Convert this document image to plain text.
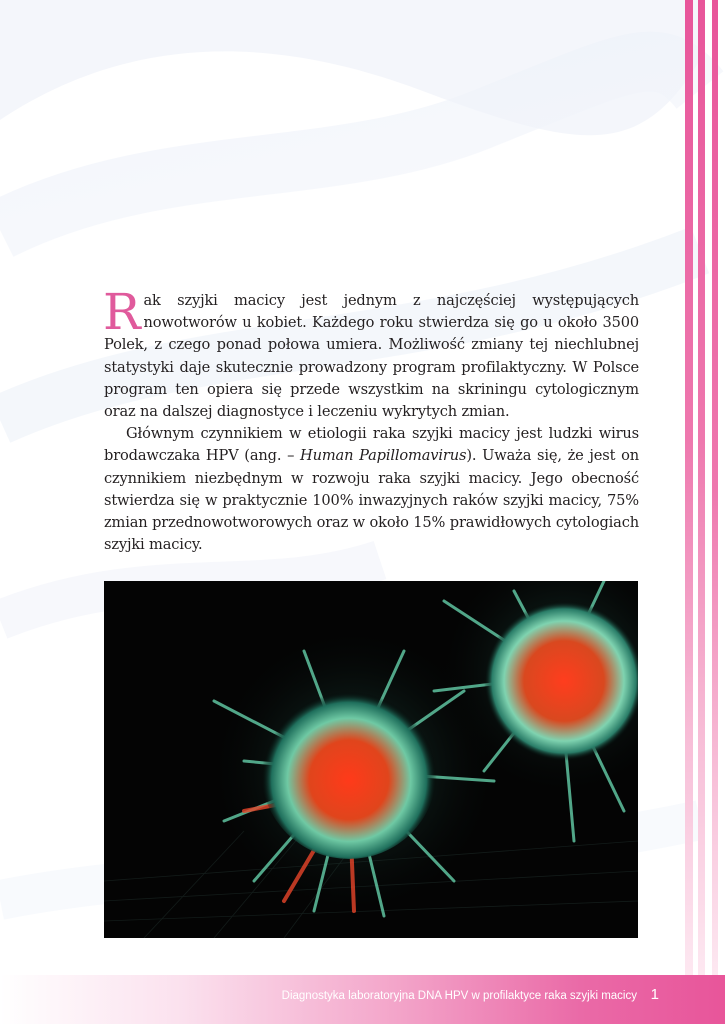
Rak szyjki macicy jest jednym z najczęściej występujących nowotworów u kobiet. Każdego roku stwierdza się go u około 3500 Polek, z czego ponad połowa umiera. Możliwość zmiany tej niechlubnej statystyki daje skutecznie prowadzony program profilaktyczny. W Polsce program ten opiera się przede wszystkim na skriningu cytologicznym oraz na dalszej diagnostyce i leczeniu wykrytych zmian.

Głównym czynnikiem w etiologii raka szyjki macicy jest ludzki wirus brodawczaka HPV (ang. – Human Papillomavirus). Uważa się, że jest on czynnikiem niezbędnym w rozwoju raka szyjki macicy. Jego obecność stwierdza się w praktycznie 100% inwazyjnych raków szyjki macicy, 75% zmian przednowotworowych oraz w około 15% prawidłowych cytologiach szyjki macicy.

Diagnostyka laboratoryjna DNA HPV w profilaktyce raka szyjki macicy 1
